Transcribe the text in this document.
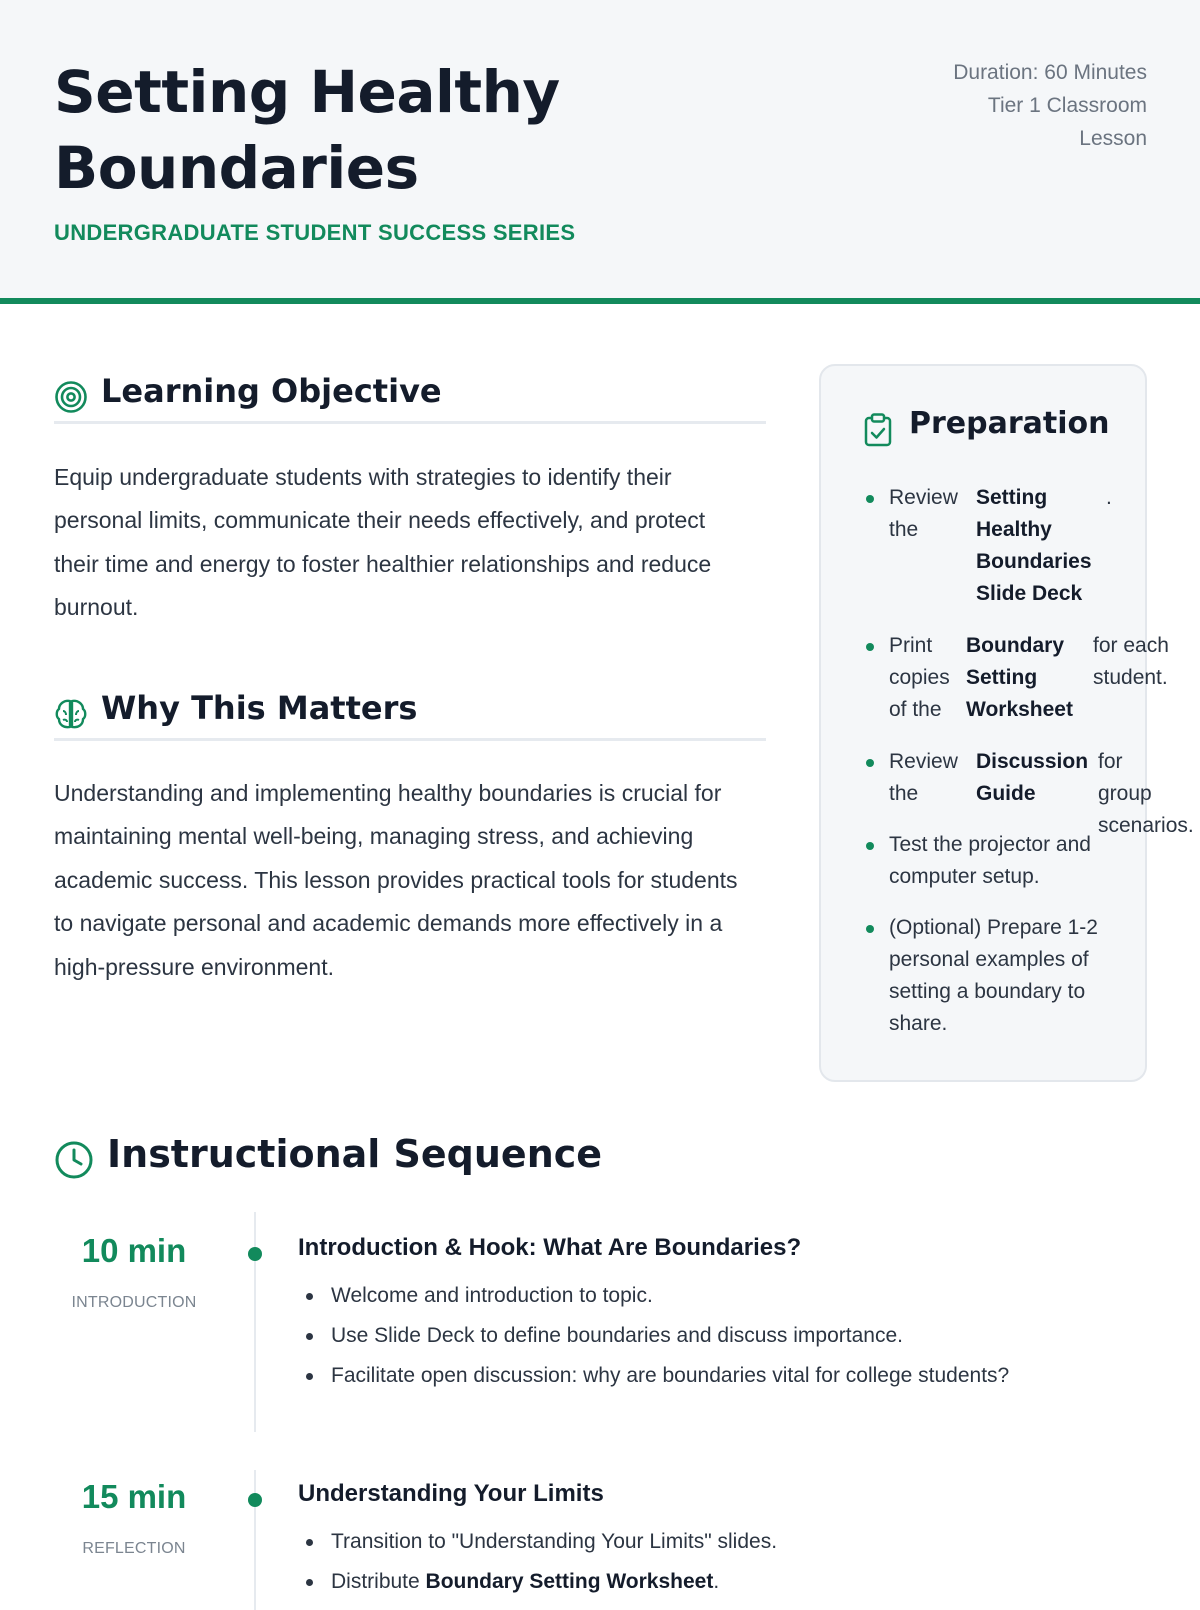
Setting Healthy Boundaries
UNDERGRADUATE STUDENT SUCCESS SERIES
Duration: 60 Minutes
Tier 1 Classroom
Lesson
Learning Objective

Equip undergraduate students with strategies to identify their personal limits, communicate their needs effectively, and protect their time and energy to foster healthier relationships and reduce burnout.

Why This Matters

Understanding and implementing healthy boundaries is crucial for maintaining mental well-being, managing stress, and achieving academic success. This lesson provides practical tools for students to navigate personal and academic demands more effectively in a high-pressure environment.

Preparation
Review the
Setting Healthy Boundaries Slide Deck
.
Print copies of the
Boundary Setting Worksheet
for each student.
Review the
Discussion Guide
for group scenarios.
Test the projector and computer setup.
(Optional) Prepare 1-2 personal examples of setting a boundary to share.
Instructional Sequence
10 min
INTRODUCTION
Introduction & Hook: What Are Boundaries?
Welcome and introduction to topic.
Use Slide Deck to define boundaries and discuss importance.
Facilitate open discussion: why are boundaries vital for college students?
15 min
REFLECTION
Understanding Your Limits
Transition to "Understanding Your Limits" slides.
Distribute Boundary Setting Worksheet.
